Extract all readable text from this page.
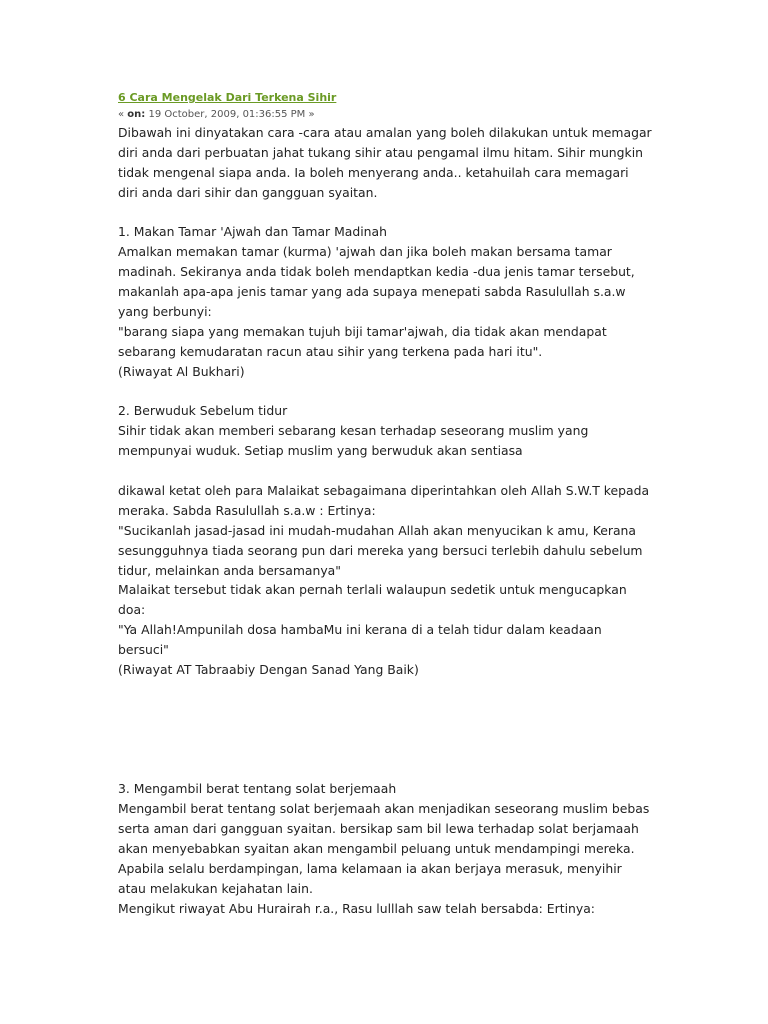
6 Cara Mengelak Dari Terkena Sihir
« on: 19 October, 2009, 01:36:55 PM »
Dibawah ini dinyatakan cara -cara atau amalan yang boleh dilakukan untuk memagar
diri anda dari perbuatan jahat tukang sihir atau pengamal ilmu hitam. Sihir mungkin
tidak mengenal siapa anda. Ia boleh menyerang anda.. ketahuilah cara memagari
diri anda dari sihir dan gangguan syaitan.
1. Makan Tamar 'Ajwah dan Tamar Madinah
Amalkan memakan tamar (kurma) 'ajwah dan jika boleh makan bersama tamar
madinah. Sekiranya anda tidak boleh mendaptkan kedia -dua jenis tamar tersebut,
makanlah apa-apa jenis tamar yang ada supaya menepati sabda Rasulullah s.a.w
yang berbunyi:
"barang siapa yang memakan tujuh biji tamar'ajwah, dia tidak akan mendapat
sebarang kemudaratan racun atau sihir yang terkena pada hari itu".
(Riwayat Al Bukhari)
2. Berwuduk Sebelum tidur
Sihir tidak akan memberi sebarang kesan terhadap seseorang muslim yang
mempunyai wuduk. Setiap muslim yang berwuduk akan sentiasa
dikawal ketat oleh para Malaikat sebagaimana diperintahkan oleh Allah S.W.T kepada
meraka. Sabda Rasulullah s.a.w : Ertinya:
"Sucikanlah jasad-jasad ini mudah-mudahan Allah akan menyucikan k amu, Kerana
sesungguhnya tiada seorang pun dari mereka yang bersuci terlebih dahulu sebelum
tidur, melainkan anda bersamanya"
Malaikat tersebut tidak akan pernah terlali walaupun sedetik untuk mengucapkan
doa:
"Ya Allah!Ampunilah dosa hambaMu ini kerana di a telah tidur dalam keadaan
bersuci"
(Riwayat AT Tabraabiy Dengan Sanad Yang Baik)
3. Mengambil berat tentang solat berjemaah
Mengambil berat tentang solat berjemaah akan menjadikan seseorang muslim bebas
serta aman dari gangguan syaitan. bersikap sam bil lewa terhadap solat berjamaah
akan menyebabkan syaitan akan mengambil peluang untuk mendampingi mereka.
Apabila selalu berdampingan, lama kelamaan ia akan berjaya merasuk, menyihir
atau melakukan kejahatan lain.
Mengikut riwayat Abu Hurairah r.a., Rasu lulllah saw telah bersabda: Ertinya:
